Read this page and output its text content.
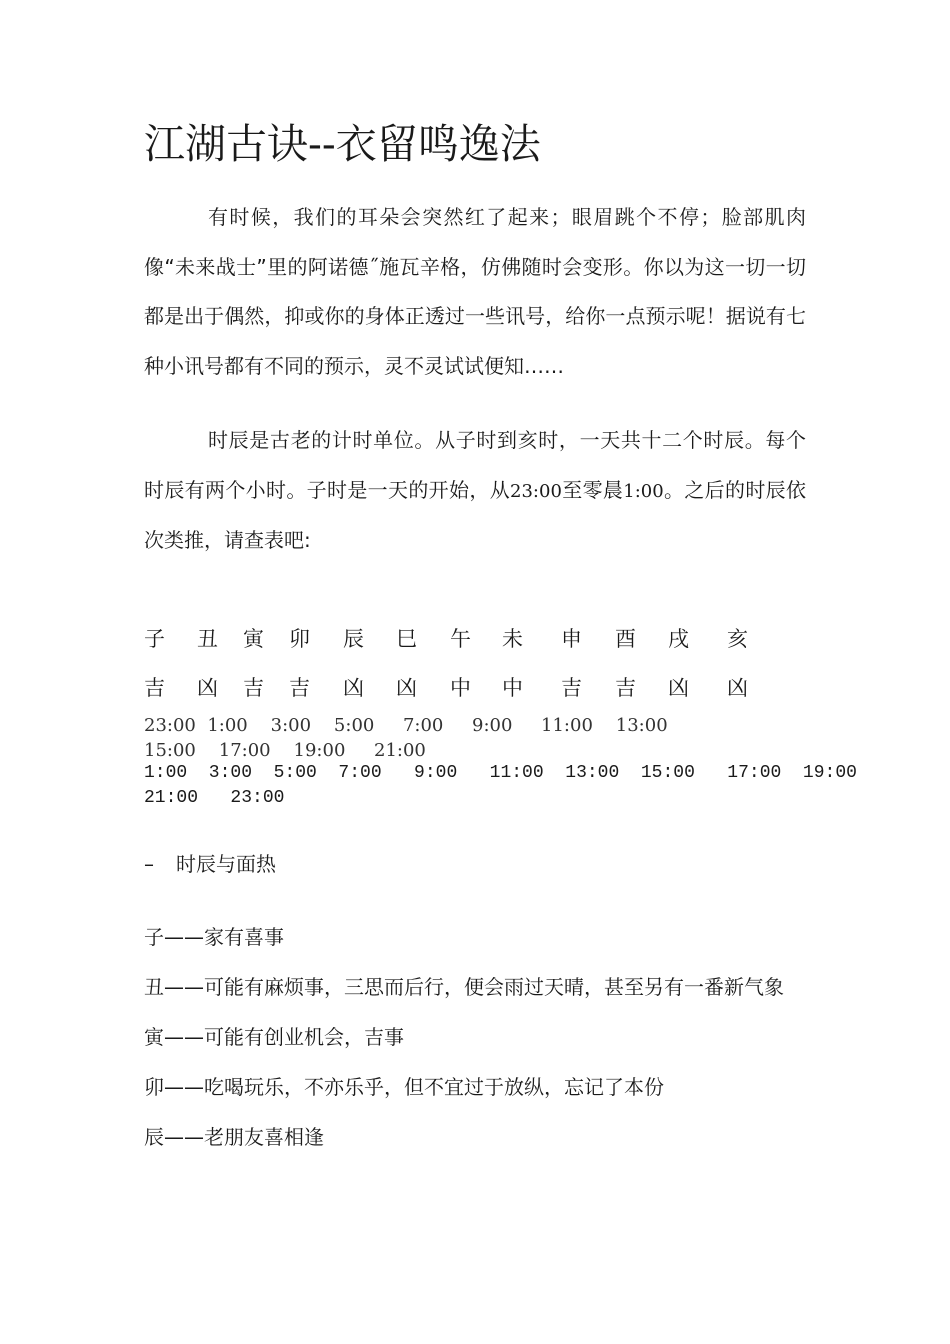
江湖古诀--衣留鸣逸法

有时候，我们的耳朵会突然红了起来；眼眉跳个不停；脸部肌肉像“未来战士”里的阿诺德˝施瓦辛格，仿佛随时会变形。你以为这一切一切都是出于偶然，抑或你的身体正透过一些讯号，给你一点预示呢！据说有七种小讯号都有不同的预示，灵不灵试试便知……

时辰是古老的计时单位。从子时到亥时，一天共十二个时辰。每个时辰有两个小时。子时是一天的开始，从23:00至零晨1:00。之后的时辰依次类推，请查表吧:

子 丑 寅 卯 辰 巳 午 未 申 酉 戌 亥
吉 凶 吉 吉 凶 凶 中 中 吉 吉 凶 凶
23:00  1:00    3:00    5:00     7:00     9:00     11:00    13:00
15:00    17:00    19:00     21:00
1:00  3:00  5:00  7:00   9:00   11:00  13:00  15:00   17:00  19:00
21:00   23:00
– 时辰与面热
子——家有喜事
丑——可能有麻烦事，三思而后行，便会雨过天晴，甚至另有一番新气象
寅——可能有创业机会，吉事
卯——吃喝玩乐，不亦乐乎，但不宜过于放纵，忘记了本份
辰——老朋友喜相逢
